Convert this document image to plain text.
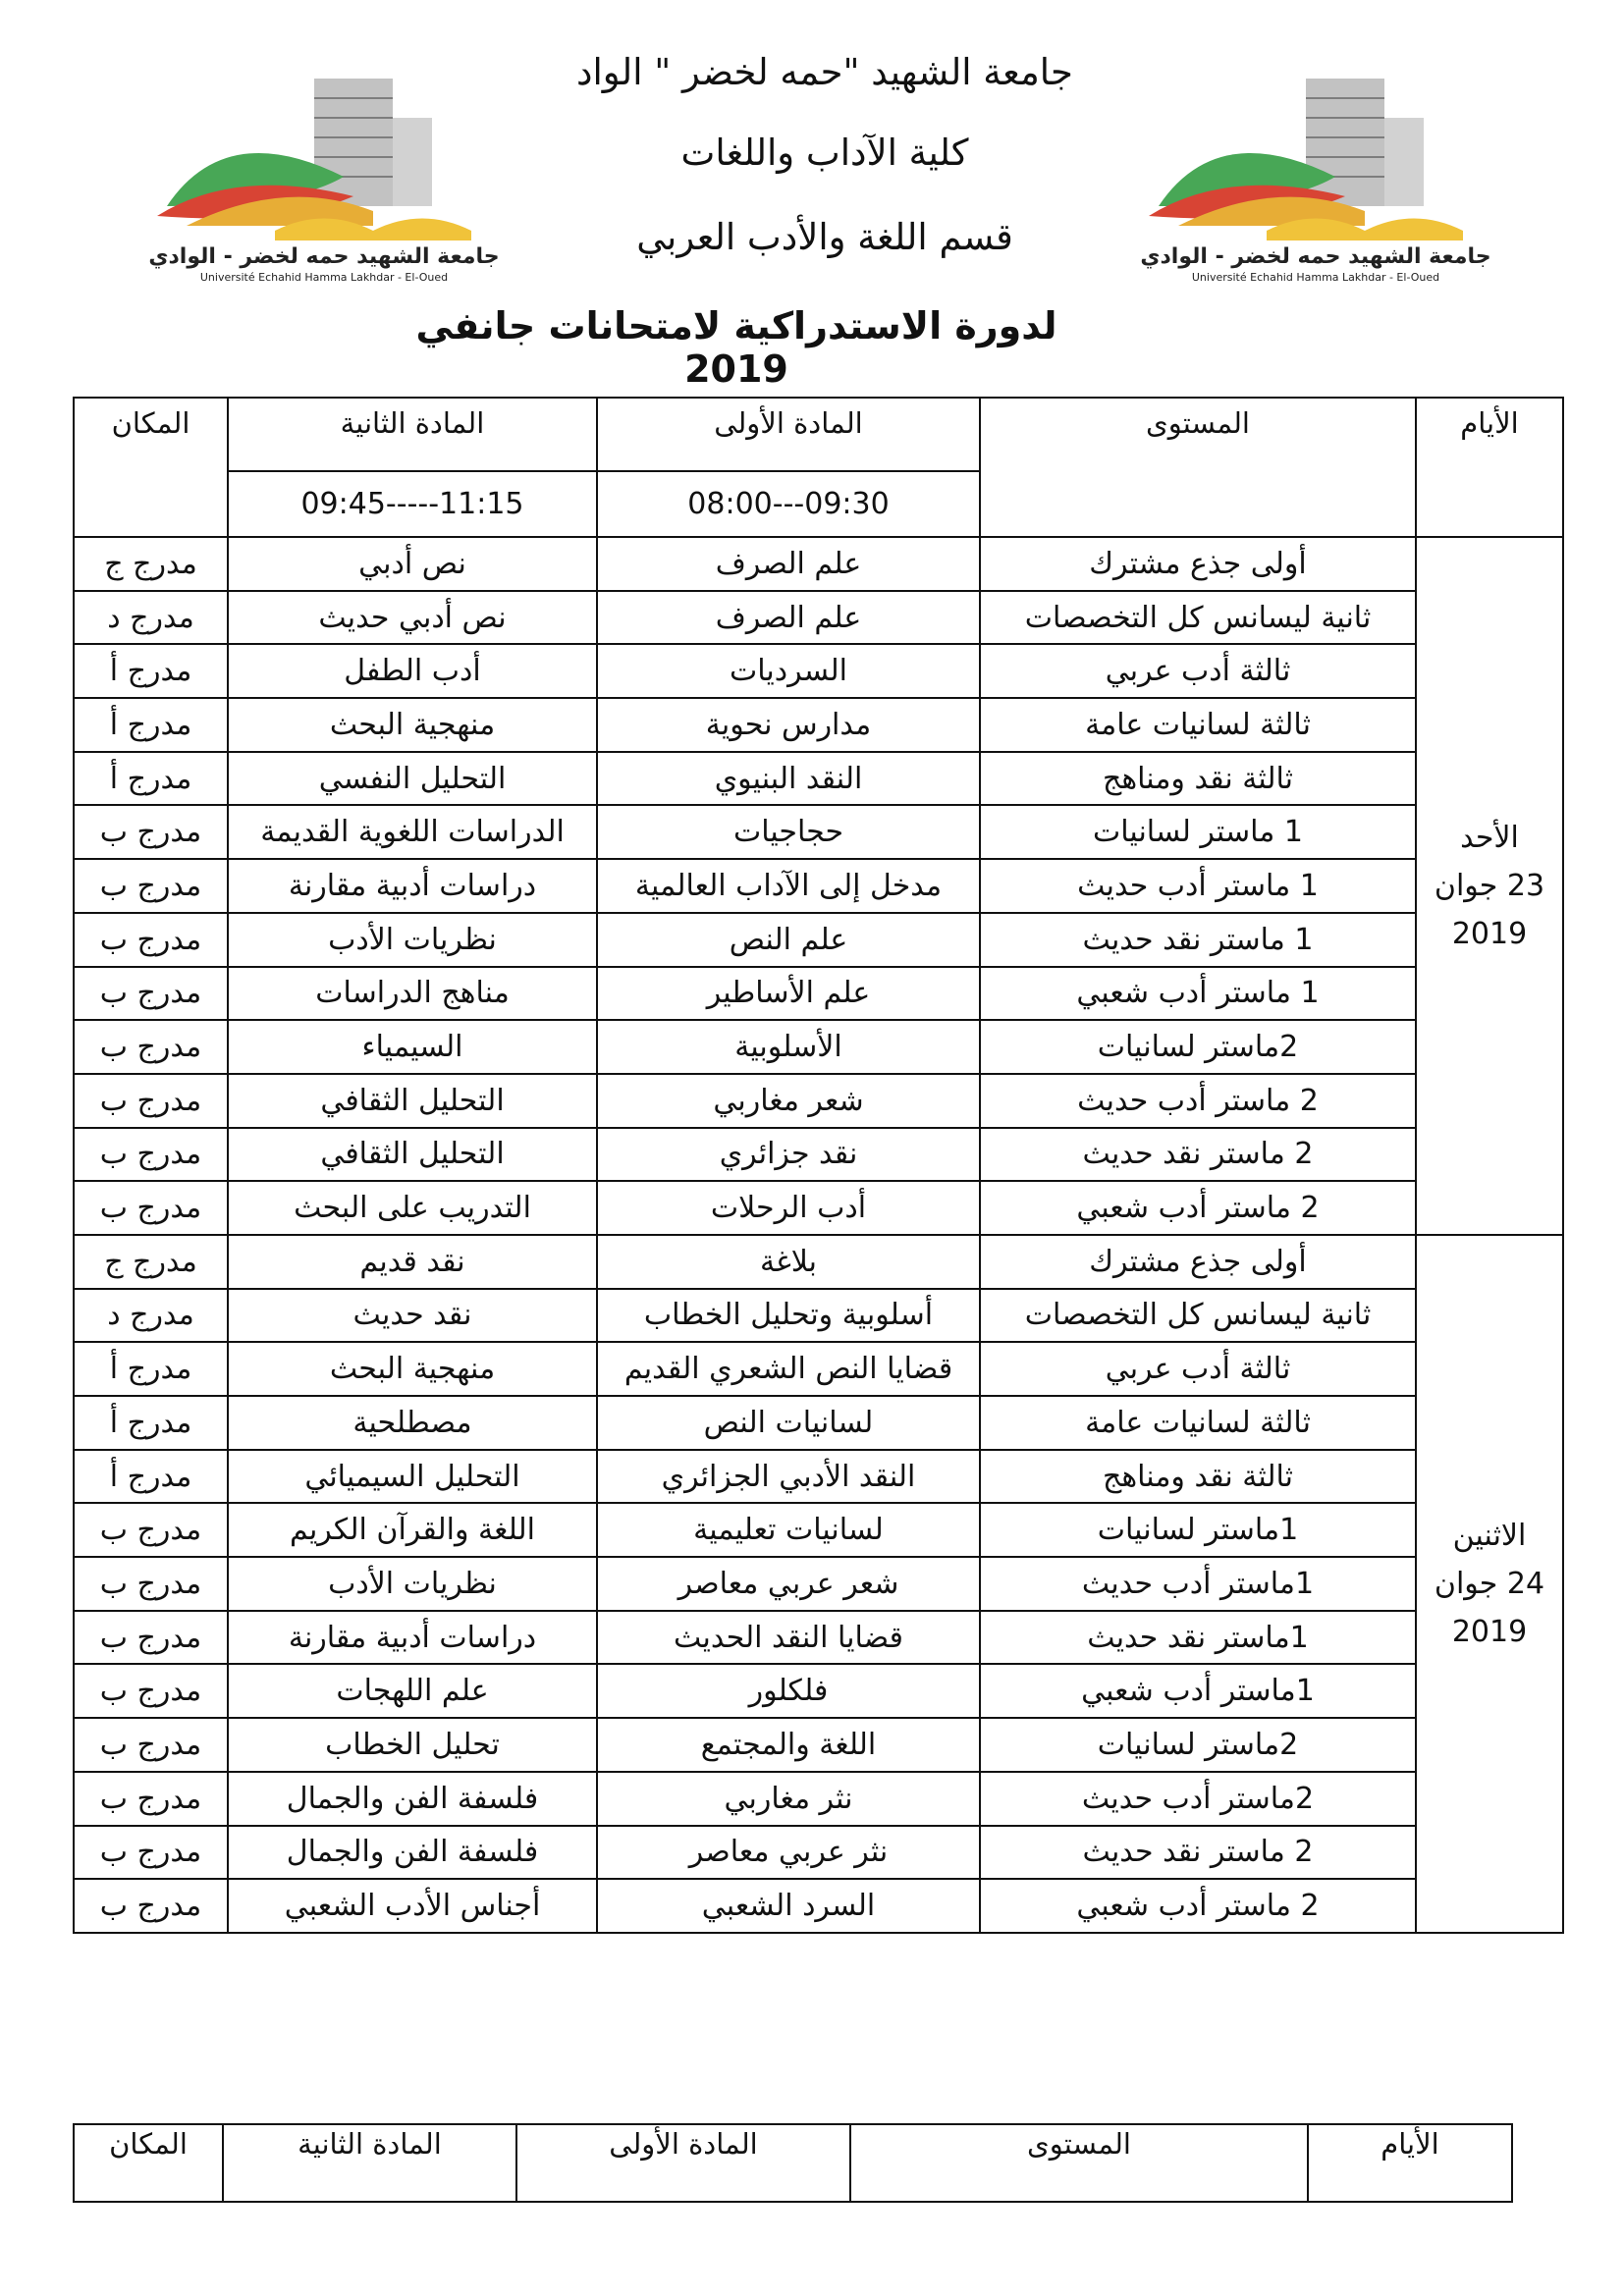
جامعة الشهيد حمه لخضر - الوادي
Université Echahid Hamma Lakhdar - El-Oued
جامعة الشهيد حمه لخضر - الوادي
Université Echahid Hamma Lakhdar - El-Oued
جامعة الشهيد "حمه لخضر " الواد
كلية الآداب واللغات
قسم اللغة والأدب العربي
لدورة الاستدراكية لامتحانات جانفي 2019
الأيام	المستوى	المادة الأولى	المادة الثانية	المكان
		08:00---09:30	09:45-----11:15	

الأحد
23 جوان
2019	أولى جذع مشترك	علم الصرف	نص أدبي	مدرج ج
	ثانية ليسانس كل التخصصات	علم الصرف	نص أدبي حديث	مدرج د
	ثالثة أدب عربي	السرديات	أدب الطفل	مدرج أ
	ثالثة لسانيات عامة	مدارس نحوية	منهجية البحث	مدرج أ
	ثالثة نقد ومناهج	النقد البنيوي	التحليل النفسي	مدرج أ
	1 ماستر لسانيات	حجاجيات	الدراسات اللغوية القديمة	مدرج ب
	1 ماستر أدب حديث	مدخل إلى الآداب العالمية	دراسات أدبية مقارنة	مدرج ب
	1 ماستر نقد حديث	علم النص	نظريات الأدب	مدرج ب
	1 ماستر أدب شعبي	علم الأساطير	مناهج الدراسات	مدرج ب
	2ماستر لسانيات	الأسلوبية	السيمياء	مدرج ب
	2 ماستر أدب حديث	شعر مغاربي	التحليل الثقافي	مدرج ب
	2 ماستر نقد حديث	نقد جزائري	التحليل الثقافي	مدرج ب
	2 ماستر أدب شعبي	أدب الرحلات	التدريب على البحث	مدرج ب

الاثنين
24 جوان
2019	أولى جذع مشترك	بلاغة	نقد قديم	مدرج ج
	ثانية ليسانس كل التخصصات	أسلوبية وتحليل الخطاب	نقد حديث	مدرج د
	ثالثة أدب عربي	قضايا النص الشعري القديم	منهجية البحث	مدرج أ
	ثالثة لسانيات عامة	لسانيات النص	مصطلحية	مدرج أ
	ثالثة نقد ومناهج	النقد الأدبي الجزائري	التحليل السيميائي	مدرج أ
	1ماستر لسانيات	لسانيات تعليمية	اللغة والقرآن الكريم	مدرج ب
	1ماستر أدب حديث	شعر عربي معاصر	نظريات الأدب	مدرج ب
	1ماستر نقد حديث	قضايا النقد الحديث	دراسات أدبية مقارنة	مدرج ب
	1ماستر أدب شعبي	فلكلور	علم اللهجات	مدرج ب
	2ماستر لسانيات	اللغة والمجتمع	تحليل الخطاب	مدرج ب
	2ماستر أدب حديث	نثر مغاربي	فلسفة الفن والجمال	مدرج ب
	2 ماستر نقد حديث	نثر عربي معاصر	فلسفة الفن والجمال	مدرج ب
	2 ماستر أدب شعبي	السرد الشعبي	أجناس الأدب الشعبي	مدرج ب
الأيام	المستوى	المادة الأولى	المادة الثانية	المكان
